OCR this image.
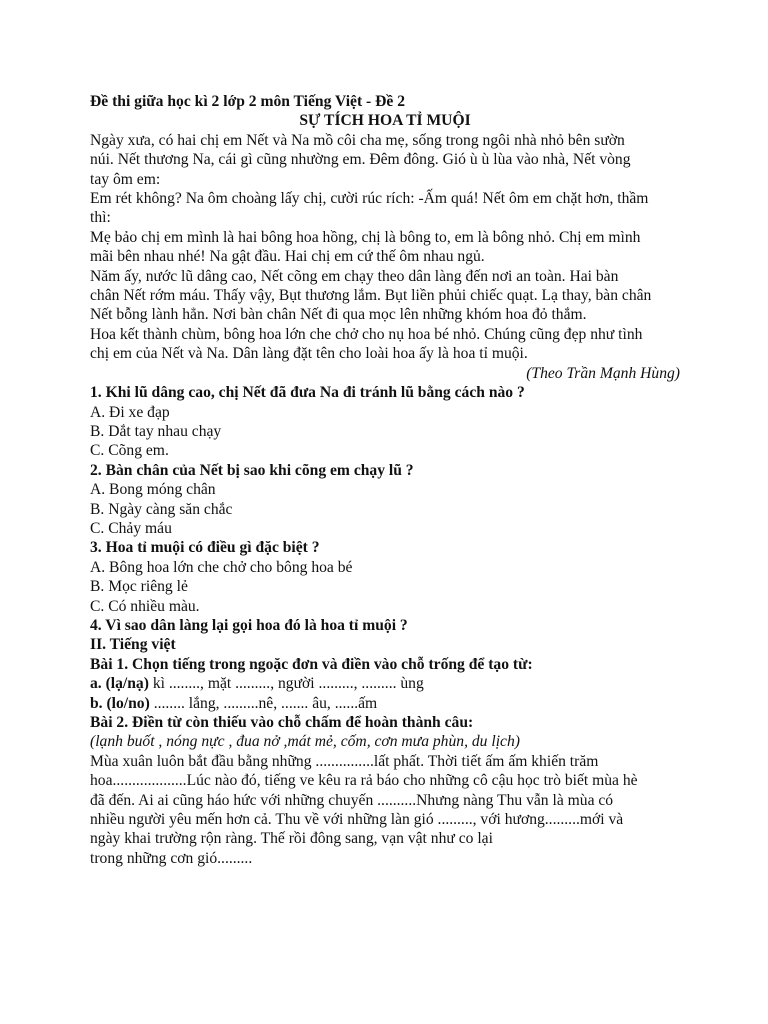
Đề thi giữa học kì 2 lớp 2 môn Tiếng Việt - Đề 2
SỰ TÍCH HOA TỈ MUỘI
Ngày xưa, có hai chị em Nết và Na mồ côi cha mẹ, sống trong ngôi nhà nhỏ bên sườn
núi. Nết thương Na, cái gì cũng nhường em. Đêm đông. Gió ù ù lùa vào nhà, Nết vòng
tay ôm em:
Em rét không? Na ôm choàng lấy chị, cười rúc rích: -Ấm quá! Nết ôm em chặt hơn, thầm
thì:
Mẹ bảo chị em mình là hai bông hoa hồng, chị là bông to, em là bông nhỏ. Chị em mình
mãi bên nhau nhé! Na gật đầu. Hai chị em cứ thế ôm nhau ngủ.
Năm ấy, nước lũ dâng cao, Nết cõng em chạy theo dân làng đến nơi an toàn. Hai bàn
chân Nết rớm máu. Thấy vậy, Bụt thương lắm. Bụt liền phủi chiếc quạt. Lạ thay, bàn chân
Nết bỗng lành hẳn. Nơi bàn chân Nết đi qua mọc lên những khóm hoa đỏ thắm.
Hoa kết thành chùm, bông hoa lớn che chở cho nụ hoa bé nhỏ. Chúng cũng đẹp như tình
chị em của Nết và Na. Dân làng đặt tên cho loài hoa ấy là hoa tỉ muội.
(Theo Trần Mạnh Hùng)
1. Khi lũ dâng cao, chị Nết đã đưa Na đi tránh lũ bằng cách nào ?
A. Đi xe đạp
B. Dắt tay nhau chạy
C. Cõng em.
2. Bàn chân của Nết bị sao khi cõng em chạy lũ ?
A. Bong móng chân
B. Ngày càng săn chắc
C. Chảy máu
3. Hoa tỉ muội có điều gì đặc biệt ?
A. Bông hoa lớn che chở cho bông hoa bé
B. Mọc riêng lẻ
C. Có nhiều màu.
4. Vì sao dân làng lại gọi hoa đó là hoa tỉ muội ?
II. Tiếng việt
Bài 1. Chọn tiếng trong ngoặc đơn và điền vào chỗ trống để tạo từ:
a. (lạ/nạ) kì ........, mặt ........., người ........., ......... ùng
b. (lo/no) ........ lắng, .........nê, ....... âu, ......ấm
Bài 2. Điền từ còn thiếu vào chỗ chấm để hoàn thành câu:
(lạnh buốt , nóng nực , đua nở ,mát mẻ, cốm, cơn mưa phùn, du lịch)
Mùa xuân luôn bắt đầu bằng những ...............lất phất. Thời tiết ấm ấm khiến trăm
hoa...................Lúc nào đó, tiếng ve kêu ra rả báo cho những cô cậu học trò biết mùa hè
đã đến. Ai ai cũng háo hức với những chuyến ..........Nhưng nàng Thu vẫn là mùa có
nhiều người yêu mến hơn cả. Thu về với những làn gió ........., với hương.........mới và
ngày khai trường rộn ràng. Thế rồi đông sang, vạn vật như co lại
trong những cơn gió.........
